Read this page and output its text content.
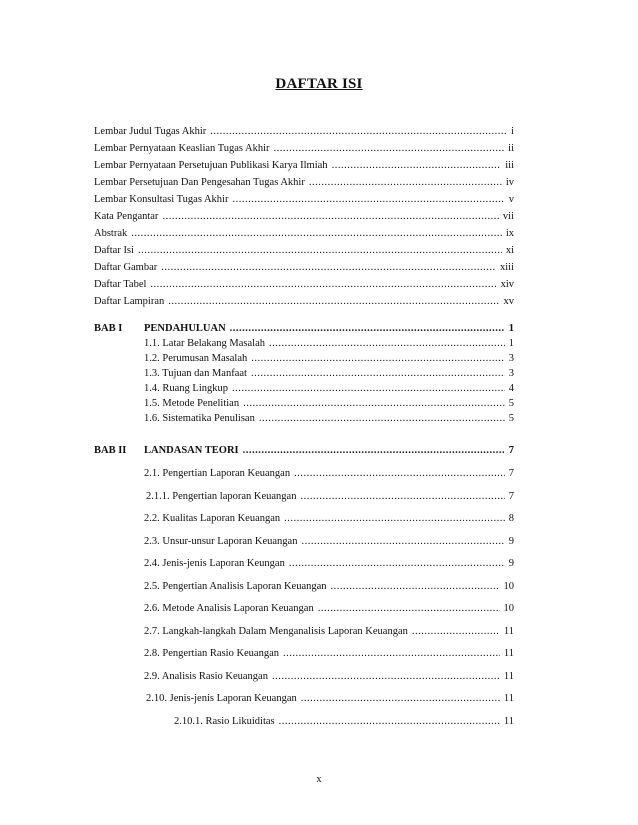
DAFTAR ISI
Lembar Judul Tugas Akhir .....	i
Lembar Pernyataan Keaslian Tugas Akhir .....	ii
Lembar Pernyataan Persetujuan Publikasi Karya Ilmiah .....	iii
Lembar Persetujuan Dan Pengesahan Tugas Akhir .....	iv
Lembar Konsultasi Tugas Akhir .....	v
Kata Pengantar .....	vii
Abstrak .....	ix
Daftar Isi .....	xi
Daftar Gambar .....	xiii
Daftar Tabel .....	xiv
Daftar Lampiran .....	xv
BAB I	PENDAHULUAN .....	1
1.1. Latar Belakang Masalah .....	1
1.2. Perumusan Masalah .....	3
1.3. Tujuan dan Manfaat .....	3
1.4. Ruang Lingkup .....	4
1.5. Metode Penelitian .....	5
1.6. Sistematika Penulisan .....	5
BAB II	LANDASAN TEORI .....	7
2.1. Pengertian Laporan Keuangan .....	7
2.1.1. Pengertian laporan Keuangan .....	7
2.2. Kualitas Laporan Keuangan .....	8
2.3. Unsur-unsur Laporan Keuangan .....	9
2.4. Jenis-jenis Laporan Keungan .....	9
2.5. Pengertian Analisis Laporan Keuangan .....	10
2.6. Metode Analisis Laporan Keuangan .....	10
2.7. Langkah-langkah Dalam Menganalisis Laporan Keuangan .....	11
2.8. Pengertian Rasio Keuangan .....	11
2.9. Analisis Rasio Keuangan .....	11
2.10. Jenis-jenis Laporan Keuangan .....	11
2.10.1. Rasio Likuiditas .....	11
x
